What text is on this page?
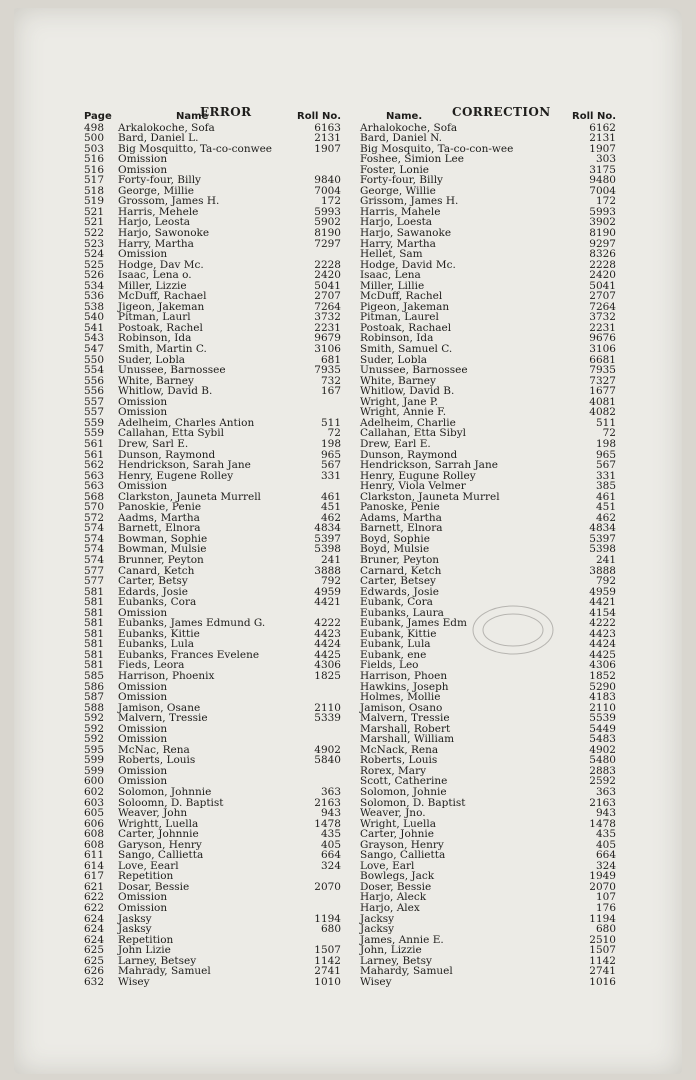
ERROR	CORRECTION
Page	Name	Roll No.	Name.	Roll No.
498 Arkalokoche, Sofa	6163 Arhalokoche, Sofa	6162
500 Bard, Daniel L.	2131 Bard, Daniel N.	2131
503 Big Mosquitto, Ta-co-conwee	1907 Big Mosquito, Ta-co-con-wee	1907
516 Omission	Foshee, Simion Lee	303
516 Omission	Foster, Lonie	3175
517 Forty-four, Billy	9840 Forty-four, Billy	9480
518 George, Millie	7004 George, Willie	7004
519 Grossom, James H.	172 Grissom, James H.	172
521 Harris, Mehele	5993 Harris, Mahele	5993
521 Harjo, Leosta	5902 Harjo, Loesta	3902
522 Harjo, Sawonoke	8190 Harjo, Sawanoke	8190
523 Harry, Martha	7297 Harry, Martha	9297
524 Omission	Hellet, Sam	8326
525 Hodge, Dav Mc.	2228 Hodge, David Mc.	2228
526 Isaac, Lena o.	2420 Isaac, Lena	2420
534 Miller, Lizzie	5041 Miller, Lillie	5041
536 McDuff, Rachael	2707 McDuff, Rachel	2707
538 Jigeon, Jakeman	7264 Pigeon, Jakeman	7264
540 Pitman, Laurl	3732 Pitman, Laurel	3732
541 Postoak, Rachel	2231 Postoak, Rachael	2231
543 Robinson, Ida	9679 Robinson, Ida	9676
547 Smith, Martin C.	3106 Smith, Samuel C.	3106
550 Suder, Lobla	681 Suder, Lobla	6681
554 Unussee, Barnossee	7935 Unussee, Barnossee	7935
556 White, Barney	732 White, Barney	7327
556 Whitlow, David B.	167 Whitlow, David B.	1677
557 Omission	Wright, Jane P.	4081
557 Omission	Wright, Annie F.	4082
559 Adelheim, Charles Antion	511 Adelheim, Charlie	511
559 Callahan, Etta Sybil	72 Callahan, Etta Sibyl	72
561 Drew, Sarl E.	198 Drew, Earl E.	198
561 Dunson, Raymond	965 Dunson, Raymond	965
562 Hendrickson, Sarah Jane	567 Hendrickson, Sarrah Jane	567
563 Henry, Eugene Rolley	331 Henry, Eugune Rolley	331
563 Omission	Henry, Viola Velmer	385
568 Clarkston, Jauneta Murrell	461 Clarkston, Jauneta Murrel	461
570 Panoskie, Penie	451 Panoske, Penie	451
572 Aadms, Martha	462 Adams, Martha	462
574 Barnett, Elnora	4834 Barnett, Elnora	4834
574 Bowman, Sophie	5397 Boyd, Sophie	5397
574 Bowman, Mulsie	5398 Boyd, Mulsie	5398
574 Brunner, Peyton	241 Bruner, Peyton	241
577 Canard, Ketch	3888 Carnard, Ketch	3888
577 Carter, Betsy	792 Carter, Betsey	792
581 Edards, Josie	4959 Edwards, Josie	4959
581 Eubanks, Cora	4421 Eubank, Cora	4421
581 Omission	Eubanks, Laura	4154
581 Eubanks, James Edmund G.	4222 Eubank, James Edm	4222
581 Eubanks, Kittie	4423 Eubank, Kittie	4423
581 Eubanks, Lula	4424 Eubank, Lula	4424
581 Eubanks, Frances Evelene	4425 Eubank, ene	4425
581 Fieds, Leora	4306 Fields, Leo	4306
585 Harrison, Phoenix	1825 Harrison, Phoen	1852
586 Omission	Hawkins, Joseph	5290
587 Omission	Holmes, Mollie	4183
588 Jamison, Osane	2110 Jamison, Osano	2110
592 Malvern, Tressie	5339 Malvern, Tressie	5539
592 Omission	Marshall, Robert	5449
592 Omission	Marshall, William	5483
595 McNac, Rena	4902 McNack, Rena	4902
599 Roberts, Louis	5840 Roberts, Louis	5480
599 Omission	Rorex, Mary	2883
600 Omission	Scott, Catherine	2592
602 Solomon, Johnnie	363 Solomon, Johnie	363
603 Soloomn, D. Baptist	2163 Solomon, D. Baptist	2163
605 Weaver, John	943 Weaver, Jno.	943
606 Wrightt, Luella	1478 Wright, Luella	1478
608 Carter, Johnnie	435 Carter, Johnie	435
608 Garyson, Henry	405 Grayson, Henry	405
611 Sango, Callietta	664 Sango, Callietta	664
614 Love, Eearl	324 Love, Earl	324
617 Repetition	Bowlegs, Jack	1949
621 Dosar, Bessie	2070 Doser, Bessie	2070
622 Omission	Harjo, Aleck	107
622 Omission	Harjo, Alex	176
624 Jasksy	1194 Jacksy	1194
624 Jasksy	680 Jacksy	680
624 Repetition	James, Annie E.	2510
625 John Lizie	1507 John, Lizzie	1507
625 Larney, Betsey	1142 Larney, Betsy	1142
626 Mahrady, Samuel	2741 Mahardy, Samuel	2741
632 Wisey	1010 Wisey	1016
